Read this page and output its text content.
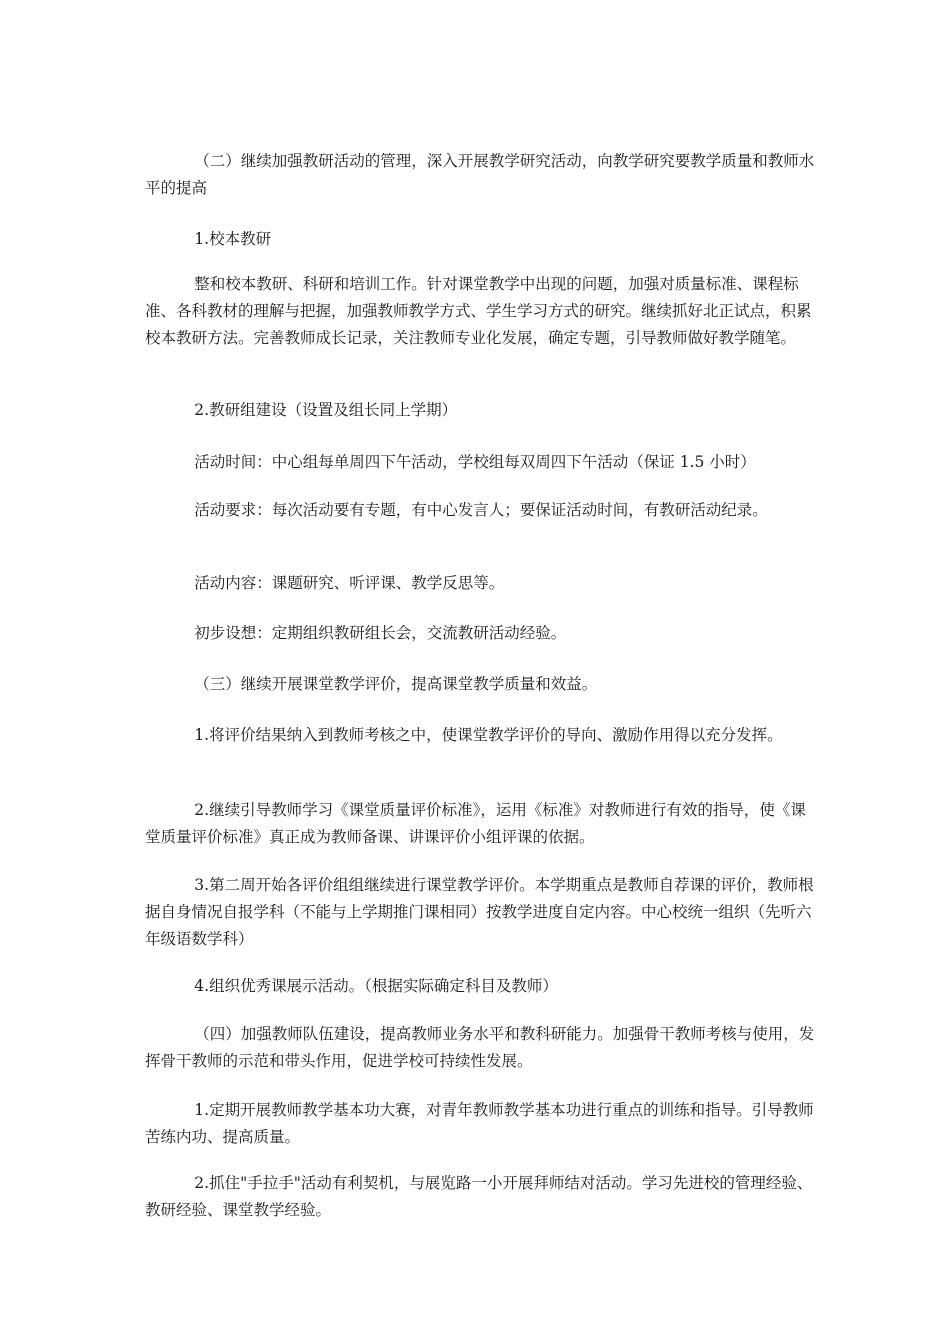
（二）继续加强教研活动的管理，深入开展教学研究活动，向教学研究要教学质量和教师水平的提高

1.校本教研

整和校本教研、科研和培训工作。针对课堂教学中出现的问题，加强对质量标准、课程标准、各科教材的理解与把握，加强教师教学方式、学生学习方式的研究。继续抓好北正试点，积累校本教研方法。完善教师成长记录，关注教师专业化发展，确定专题，引导教师做好教学随笔。

2.教研组建设（设置及组长同上学期）

活动时间：中心组每单周四下午活动，学校组每双周四下午活动（保证 1.5 小时）

活动要求：每次活动要有专题，有中心发言人；要保证活动时间，有教研活动纪录。

活动内容：课题研究、听评课、教学反思等。

初步设想：定期组织教研组长会，交流教研活动经验。

（三）继续开展课堂教学评价，提高课堂教学质量和效益。

1.将评价结果纳入到教师考核之中，使课堂教学评价的导向、激励作用得以充分发挥。

2.继续引导教师学习《课堂质量评价标准》，运用《标准》对教师进行有效的指导，使《课堂质量评价标准》真正成为教师备课、讲课评价小组评课的依据。

3.第二周开始各评价组组继续进行课堂教学评价。本学期重点是教师自荐课的评价，教师根据自身情况自报学科（不能与上学期推门课相同）按教学进度自定内容。中心校统一组织（先听六年级语数学科）

4.组织优秀课展示活动。（根据实际确定科目及教师）

（四）加强教师队伍建设，提高教师业务水平和教科研能力。加强骨干教师考核与使用，发挥骨干教师的示范和带头作用，促进学校可持续性发展。

1.定期开展教师教学基本功大赛，对青年教师教学基本功进行重点的训练和指导。引导教师苦练内功、提高质量。

2.抓住"手拉手"活动有利契机，与展览路一小开展拜师结对活动。学习先进校的管理经验、教研经验、课堂教学经验。
